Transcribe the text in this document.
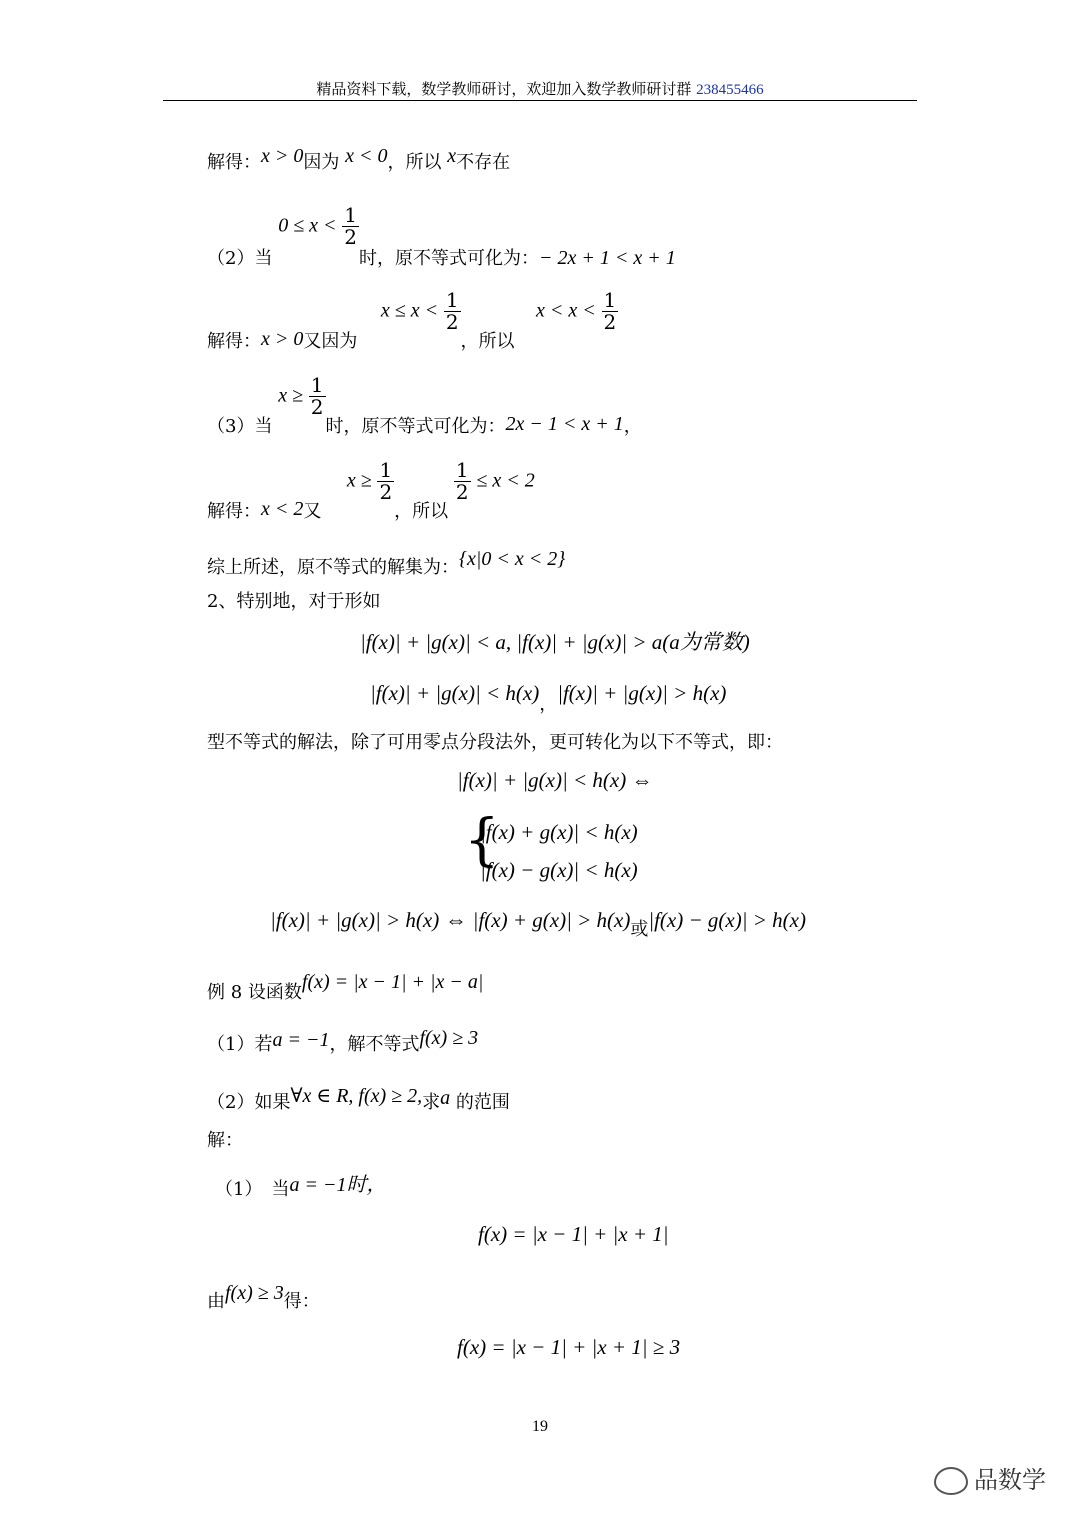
精品资料下载，数学教师研讨，欢迎加入数学教师研讨群 238455466
解得：x > 0因为 x < 0，所以 x不存在
（2）当 $0 \le x < \frac{1}{2}$
时，原不等式可化为：− 2x + 1 < x + 1
解得：x > 0又因为  $x \le x < \frac{1}{2}$
，所以  $x < x < \frac{1}{2}$
（3）当 $x \ge \frac{1}{2}$
时，原不等式可化为：2x − 1 < x + 1，
解得：x < 2又  $x \ge \frac{1}{2}$
，所以
$\frac{1}{2} \le x < 2$
综上所述，原不等式的解集为：{x|0 < x < 2}
2、特别地，对于形如
|f(x)| + |g(x)| < a, |f(x)| + |g(x)| > a(a为常数)
|f(x)| + |g(x)| < h(x)，|f(x)| + |g(x)| > h(x)
型不等式的解法，除了可用零点分段法外，更可转化为以下不等式，即：
|f(x)| + |g(x)| < h(x) ⇔
{
|f(x) + g(x)| < h(x)
|f(x) − g(x)| < h(x)
|f(x)| + |g(x)| > h(x) ⇔ |f(x) + g(x)| > h(x)或|f(x) − g(x)| > h(x)
例 8 设函数f(x) = |x − 1| + |x − a|
（1）若a = −1，解不等式f(x) ≥ 3
（2）如果∀x ∈ R, f(x) ≥ 2,求a 的范围
解：
（1）　当a = −1时，
f(x) = |x − 1| + |x + 1|
由f(x) ≥ 3得：
f(x) = |x − 1| + |x + 1| ≥ 3
19
品数学
